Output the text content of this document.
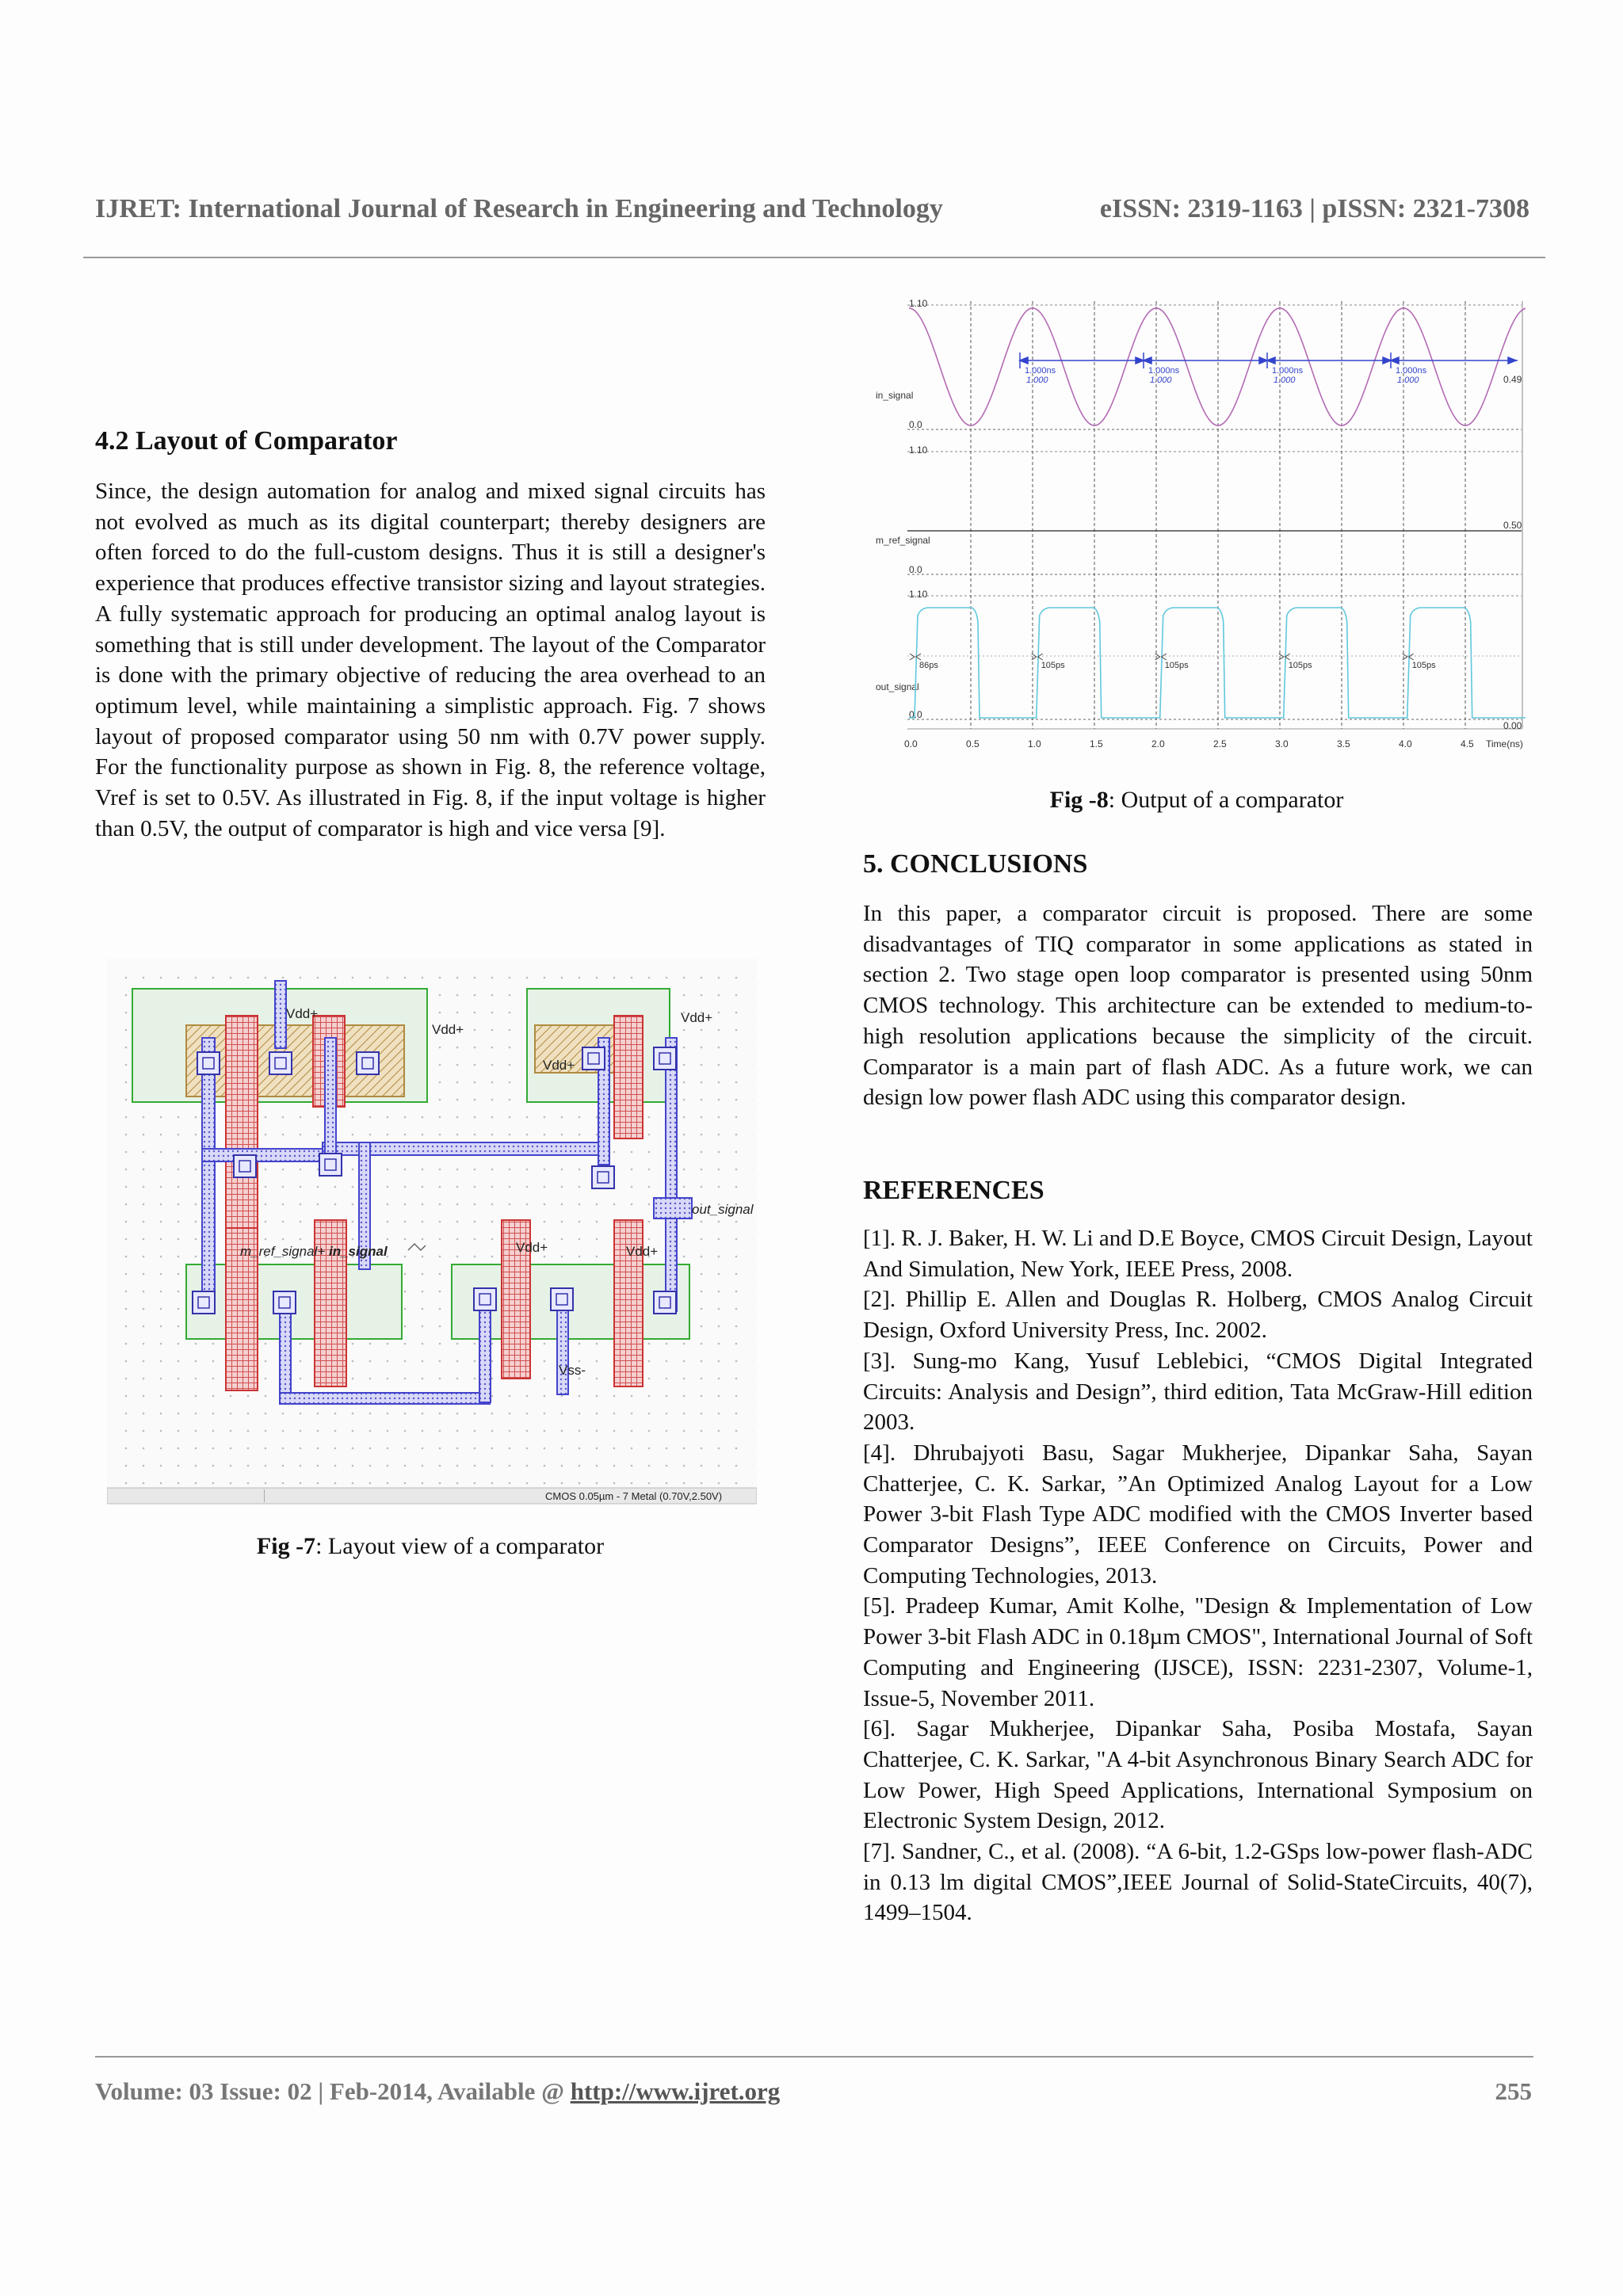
IJRET: International Journal of Research in Engineering and Technology	eISSN: 2319-1163 | pISSN: 2321-7308
4.2 Layout of Comparator
Since, the design automation for analog and mixed signal circuits has not evolved as much as its digital counterpart; thereby designers are often forced to do the full-custom designs. Thus it is still a designer's experience that produces effective transistor sizing and layout strategies. A fully systematic approach for producing an optimal analog layout is something that is still under development. The layout of the Comparator is done with the primary objective of reducing the area overhead to an optimum level, while maintaining a simplistic approach. Fig. 7 shows layout of proposed comparator using 50 nm with 0.7V power supply. For the functionality purpose as shown in Fig. 8, the reference voltage, Vref is set to 0.5V. As illustrated in Fig. 8, if the input voltage is higher than 0.5V, the output of comparator is high and vice versa [9].
Vdd+
Vdd+
Vdd+
Vdd+
Vdd+	Vdd+
m_ref_signal+ in_signal
out_signal
Vss-
CMOS 0.05µm - 7 Metal (0.70V,2.50V)
Fig -7: Layout view of a comparator
1.10
0.0
1.10
0.0
1.10
0.0
0.49
0.50
0.00
in_signal
m_ref_signal
out_signal
1.000ns
1.000
1.000ns
1.000
1.000ns
1.000
1.000ns
1.000
86ps	105ps	105ps	105ps	105ps
0.0	0.5	1.0	1.5	2.0	2.5	3.0	3.5	4.0	4.5 Time(ns)
Fig -8: Output of a comparator
5. CONCLUSIONS
In this paper, a comparator circuit is proposed. There are some disadvantages of TIQ comparator in some applications as stated in section 2. Two stage open loop comparator is presented using 50nm CMOS technology. This architecture can be extended to medium-to-high resolution applications because the simplicity of the circuit. Comparator is a main part of flash ADC. As a future work, we can design low power flash ADC using this comparator design.
REFERENCES

[1]. R. J. Baker, H. W. Li and D.E Boyce, CMOS Circuit Design, Layout And Simulation, New York, IEEE Press, 2008.

[2]. Phillip E. Allen and Douglas R. Holberg, CMOS Analog Circuit Design, Oxford University Press, Inc. 2002.

[3]. Sung-mo Kang, Yusuf Leblebici, “CMOS Digital Integrated Circuits: Analysis and Design”, third edition, Tata McGraw-Hill edition 2003.

[4]. Dhrubajyoti Basu, Sagar Mukherjee, Dipankar Saha, Sayan Chatterjee, C. K. Sarkar, ”An Optimized Analog Layout for a Low Power 3-bit Flash Type ADC modified with the CMOS Inverter based Comparator Designs”, IEEE Conference on Circuits, Power and Computing Technologies, 2013.

[5]. Pradeep Kumar, Amit Kolhe, "Design & Implementation of Low Power 3-bit Flash ADC in 0.18µm CMOS", International Journal of Soft Computing and Engineering (IJSCE), ISSN: 2231-2307, Volume-1, Issue-5, November 2011.

[6]. Sagar Mukherjee, Dipankar Saha, Posiba Mostafa, Sayan Chatterjee, C. K. Sarkar, "A 4-bit Asynchronous Binary Search ADC for Low Power, High Speed Applications, International Symposium on Electronic System Design, 2012.

[7]. Sandner, C., et al. (2008). “A 6-bit, 1.2-GSps low-power flash-ADC in 0.13 lm digital CMOS”,IEEE Journal of Solid-StateCircuits, 40(7), 1499–1504.

Volume: 03 Issue: 02 | Feb-2014, Available @ http://www.ijret.org	255
